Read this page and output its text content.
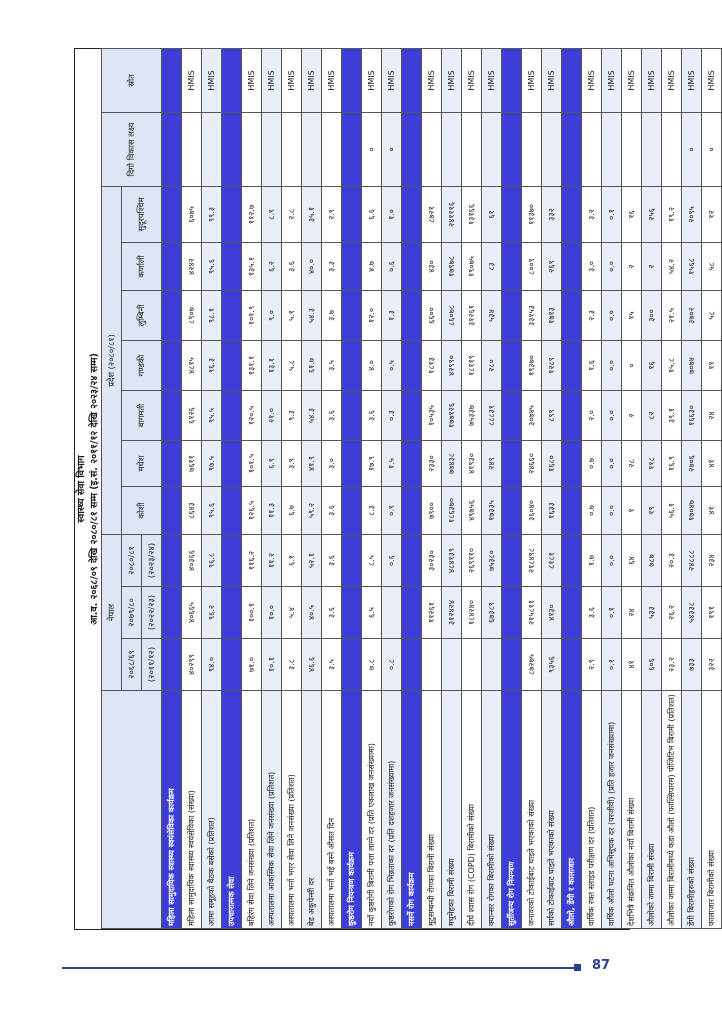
स्वास्थ्य सेवा विभाग आ.व. २०६८/०९ देखि २०८०/८१ सम्म (इ.सं. २०११/१२ देखि २०२३/२४ सम्म)
	नेपाल			प्रदेश (२०८०/८१)							दिगो विकास लक्ष्य	स्रोत
	२०६८/६९	२०७९/८०	२०८०/८१	कोशी	मधेश	बागमती	गण्डकी	लुम्बिनी	कर्णाली	सुदूरपश्चिम		
	(२०११/१२)	(२०२२/२३)	(२०२३/२४)									
महिला सामुदायिक स्वास्थ्य स्वयंसेविका कार्यक्रम												
महिला सामुदायिक स्वास्थ्य स्वयंसेविका (संख्या)	४०२९९	४०६६५	४०३६६	८६४३	७६११	६१२६	४८१५	८९०७	४२४२	६०७५		HMIS
आमा समूहको बैठक बसेको (प्रतिशत)	९४.०	९६.२	९६.८	९५.६	९७.५	९५.५	९६.३	९८.१	९५.६	९९.३		HMIS
उपचारात्मक सेवा												
बहिरंग सेवा लिने जनसंख्या (प्रतिशत)	७१.०	१००.१	११६.२	१२६.५	१०१.५	१२०.५	१३१.१	१०१.९	१३५.१	११२.७		HMIS
अस्पतालमा आकस्मिक सेवा लिने जनसंख्या (प्रतिशत)	१०.१	१०.०	११.२	११.३	६.९	२१.०	१३.१	९.०	६.२	८.९		HMIS
अस्पतालमा भर्ना भएर सेवा लिने जनसंख्या (प्रतिशत)	३.८	५.४	६.१	६.७	३.९	९.३	५.८	५.१	३.६	२.८		HMIS
बेड अकुपेन्सी दर	४६.६	४०.५	५२.१	५९.२	४१.९	५४.३	६१.७	५४.३	४०.०	३५.१		HMIS
अस्पतालमा भर्ना भई बस्ने औसत दिन	३.५	३.६	३.६	३.६	३.०	३.६	३.५	३.७	३.३	२.९		HMIS
कुष्ठरोग नियन्त्रण कार्यक्रम												
नयाँ कुष्ठरोगी बिरामी पत्ता लाग्ने दर (प्रति एकलाख जनसंख्यामा)	७.८	६.५	८.५	८.३	१७.९	३.६	४.०	१२.०	४.७	६.६	०	HMIS
कुष्ठरोगको रोग भिन्नताका दर (प्रति दशहजार जनसंख्यामा)	०.८		०.६	०.९	१.५	०.३	०.५	१.३	०.६	१.०	०	HMIS
नसर्ने रोग कार्यक्रम												
मुटुसम्बन्धी रोगका बिरामी संख्या		११२६१	३०२३०	७९००	२३३०	१०५३५	१८१३	६६००	४३०	८७२१		HMIS
मधुमेहका बिरामी संख्या		३१२४२४	४८४१३९	१८६३७०	७७४३८	१७७१२६	४२९९०	८६०७८	१७९७८	२४१११६		HMIS
दीर्घ श्वास रोग (COPD) बिरामीको संख्या		१८४२४०	२६९११०	४९७५६	४१९३०	७५३३७	१८११९	३१२६१	१९०७५	१३१६६		HMIS
क्यान्सर रोगका बिरामीको संख्या		६७३८९	७५३८०	१७३३५	२४९	८८८३१	२८०	५३४	८३	६१		HMIS
सुर्तीजन्य रोग नियन्त्रण												
जनावरको टोकाईबाट घाइते भएकाको संख्या	८७२७५	२१५८११	२१८४९८	३६०४०	२४६६०	३०७४५	१९३७०	३३१५३	८००९	११३७०		HMIS
सर्पको टोकाईबाट घाइते भएकाको संख्या	९३५६	४१३०	८१८१	१६३३	१६८०	८९९	१२८९	१७१३	२६९	३३२		HMIS
औलो, डेंगी र कालाजार												
वार्षिक रक्त स्लाइड परीक्षण दर (प्रतिशत)	२.९	३.६	१.७	०.७	०.७	२.०	१.६	२.३	३.०	३.२		HMIS
वार्षिक औलो घटना अभिसूचक दर (परजीवी) (प्रति हजार जनसंख्यामा)	०.१	०.१	०.०	०.०	०.०	०.०	०.०	०.०	०.०	०.१		HMIS
देशभित्रै संक्रमित औलोका नयाँ बिरामी संख्या	४१	२४	६४	१	२८	२	०	१५	२	१६		HMIS
औलोको जम्मा बिरामी संख्या	६०६	५३३	७८७	१९	११८	८२	१६	३००	२	२५६		HMIS
औलोका जम्मा बिरामीमध्ये कडा औलो (फाल्सिपारम) पोजिटिभ बिरामी (प्रतिशत)	२३.२	२६.२	२०.३	५६.१	१६.९	३९.१	१५.८	२१.५	५४.२	१९.२		HMIS
डेंगी बिरामीहरुको संख्या	७३३	५४३३८	२४८८८	१७०४७	२७०६	१६६३०	७०७४	३७०२	१५६८	२०९५	०	HMIS
कालाजार बिरामीको संख्या	३२२	१९१	२३४	४१	४१	२४	११	५८	५८	१२	०	HMIS
87
